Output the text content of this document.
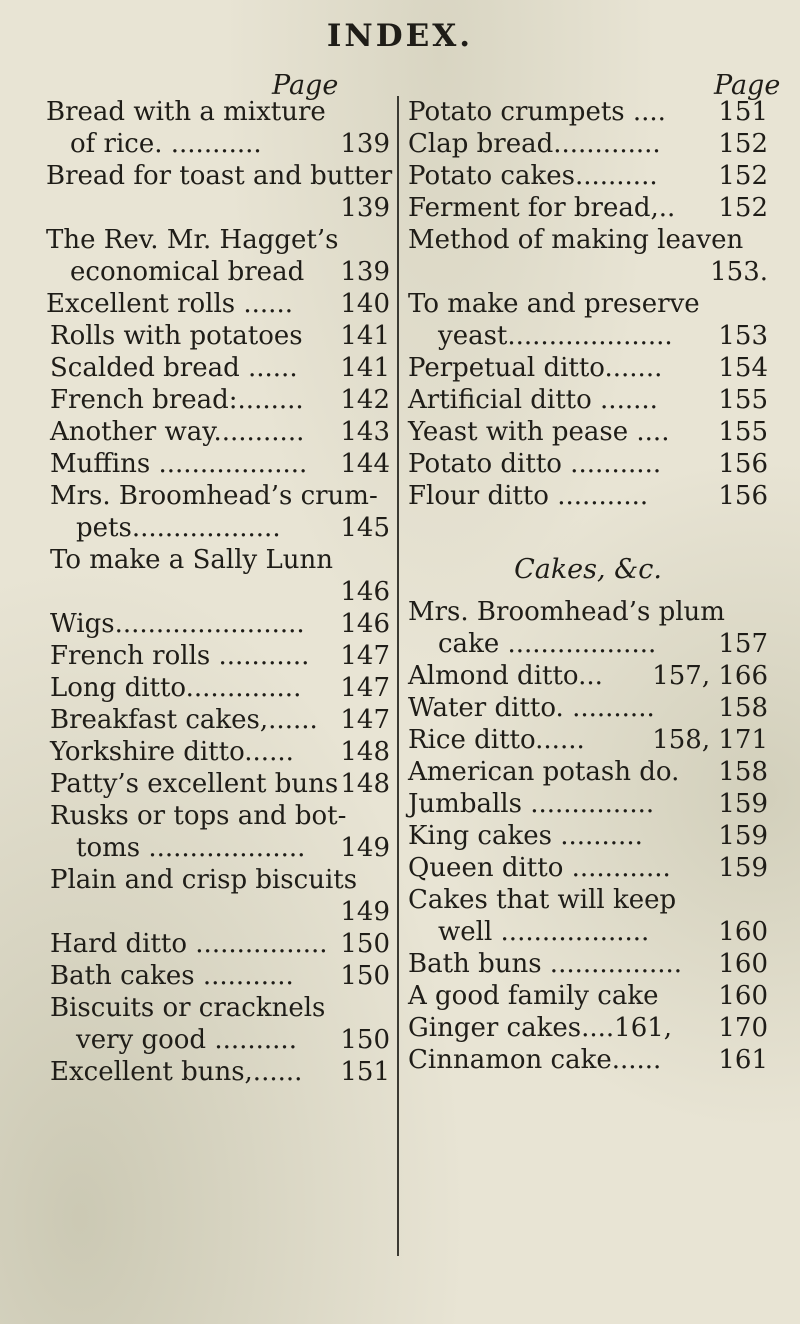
INDEX.
Page	Page
Bread with a mixture
of rice. ...........	139
Bread for toast and butter
139
The Rev. Mr. Hagget’s
economical bread 139
Excellent rolls ...... 140
Rolls with potatoes 141
Scalded bread ...... 141
French bread:........ 142
Another way........... 143
Muffins .................. 144
Mrs. Broomhead’s crum-
pets.................. 145
To make a Sally Lunn
146
Wigs....................... 146
French rolls ........... 147
Long ditto.............. 147
Breakfast cakes,...... 147
Yorkshire ditto...... 148
Patty’s excellent buns 148
Rusks or tops and bot-
toms ................... 149
Plain and crisp biscuits
149
Hard ditto ................ 150
Bath cakes ........... 150
Biscuits or cracknels
very good .......... 150
Excellent buns,...... 151
Potato crumpets .... 151
Clap bread............. 152
Potato cakes.......... 152
Ferment for bread,.. 152
Method of making leaven
153.
To make and preserve
yeast.................... 153
Perpetual ditto....... 154
Artificial ditto ....... 155
Yeast with pease .... 155
Potato ditto ........... 156
Flour ditto ...........	156
Cakes, &c.
Mrs. Broomhead’s plum
cake .................. 157
Almond ditto... 157, 166
Water ditto. .......... 158
Rice ditto......	158, 171
American potash do. 158
Jumballs ............... 159
King cakes ..........	159
Queen ditto ............ 159
Cakes that will keep
well ..................	160
Bath buns ................ 160
A good family cake 160
Ginger cakes....161, 170
Cinnamon cake...... 161
